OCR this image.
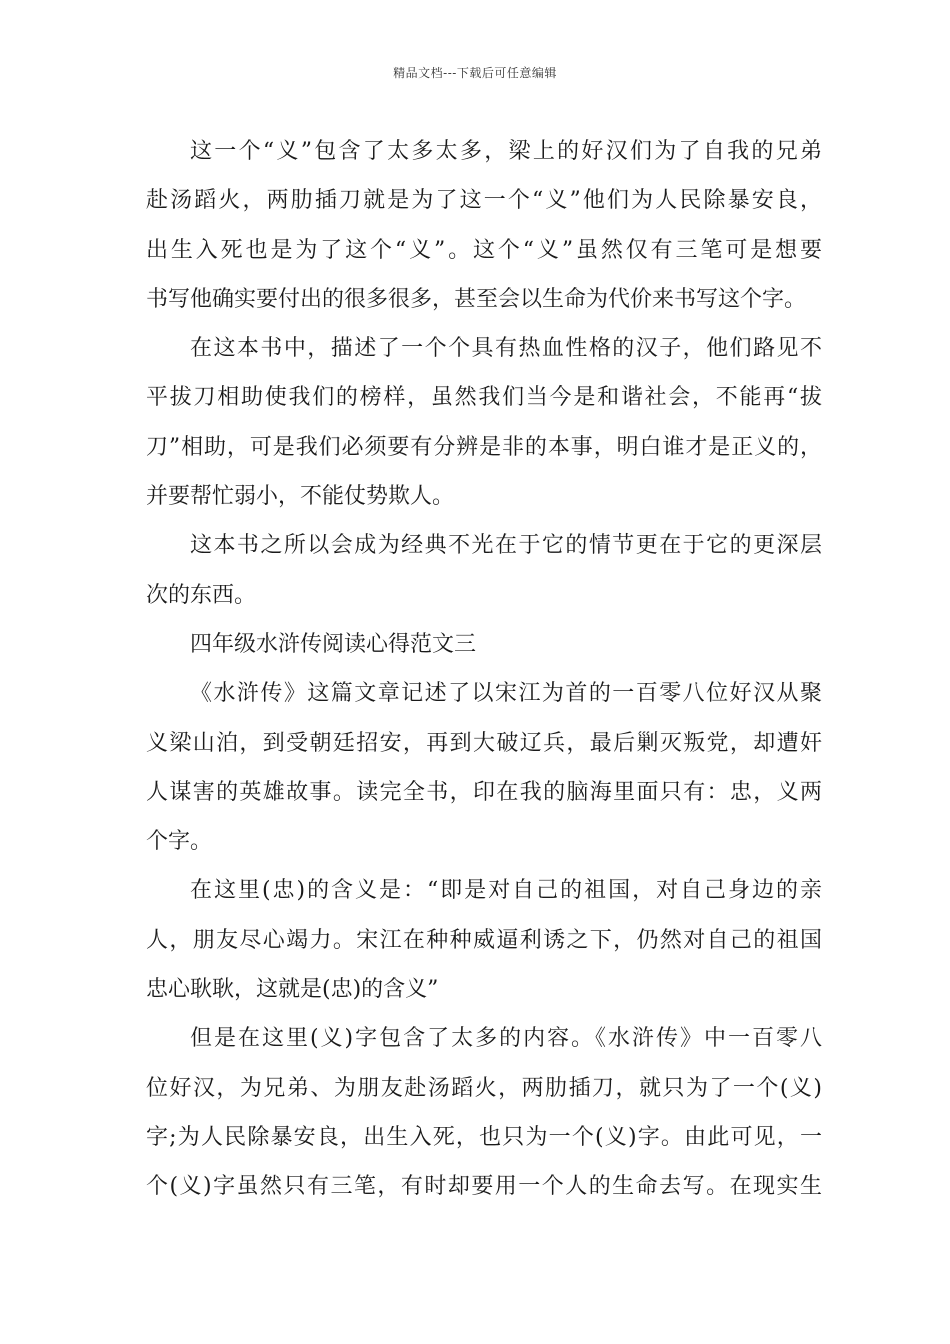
精品文档---下载后可任意编辑
这一个“义”包含了太多太多，梁上的好汉们为了自我的兄弟
赴汤蹈火，两肋插刀就是为了这一个“义”他们为人民除暴安良，
出生入死也是为了这个“义”。这个“义”虽然仅有三笔可是想要
书写他确实要付出的很多很多，甚至会以生命为代价来书写这个字。
在这本书中，描述了一个个具有热血性格的汉子，他们路见不
平拔刀相助使我们的榜样，虽然我们当今是和谐社会，不能再“拔
刀”相助，可是我们必须要有分辨是非的本事，明白谁才是正义的，
并要帮忙弱小，不能仗势欺人。
这本书之所以会成为经典不光在于它的情节更在于它的更深层
次的东西。
四年级水浒传阅读心得范文三
《水浒传》这篇文章记述了以宋江为首的一百零八位好汉从聚
义梁山泊，到受朝廷招安，再到大破辽兵，最后剿灭叛党，却遭奸
人谋害的英雄故事。读完全书，印在我的脑海里面只有：忠，义两
个字。
在这里(忠)的含义是：“即是对自己的祖国，对自己身边的亲
人，朋友尽心竭力。宋江在种种威逼利诱之下，仍然对自己的祖国
忠心耿耿，这就是(忠)的含义”
但是在这里(义)字包含了太多的内容。《水浒传》中一百零八
位好汉，为兄弟、为朋友赴汤蹈火，两肋插刀，就只为了一个(义)
字;为人民除暴安良，出生入死，也只为一个(义)字。由此可见，一
个(义)字虽然只有三笔，有时却要用一个人的生命去写。在现实生
